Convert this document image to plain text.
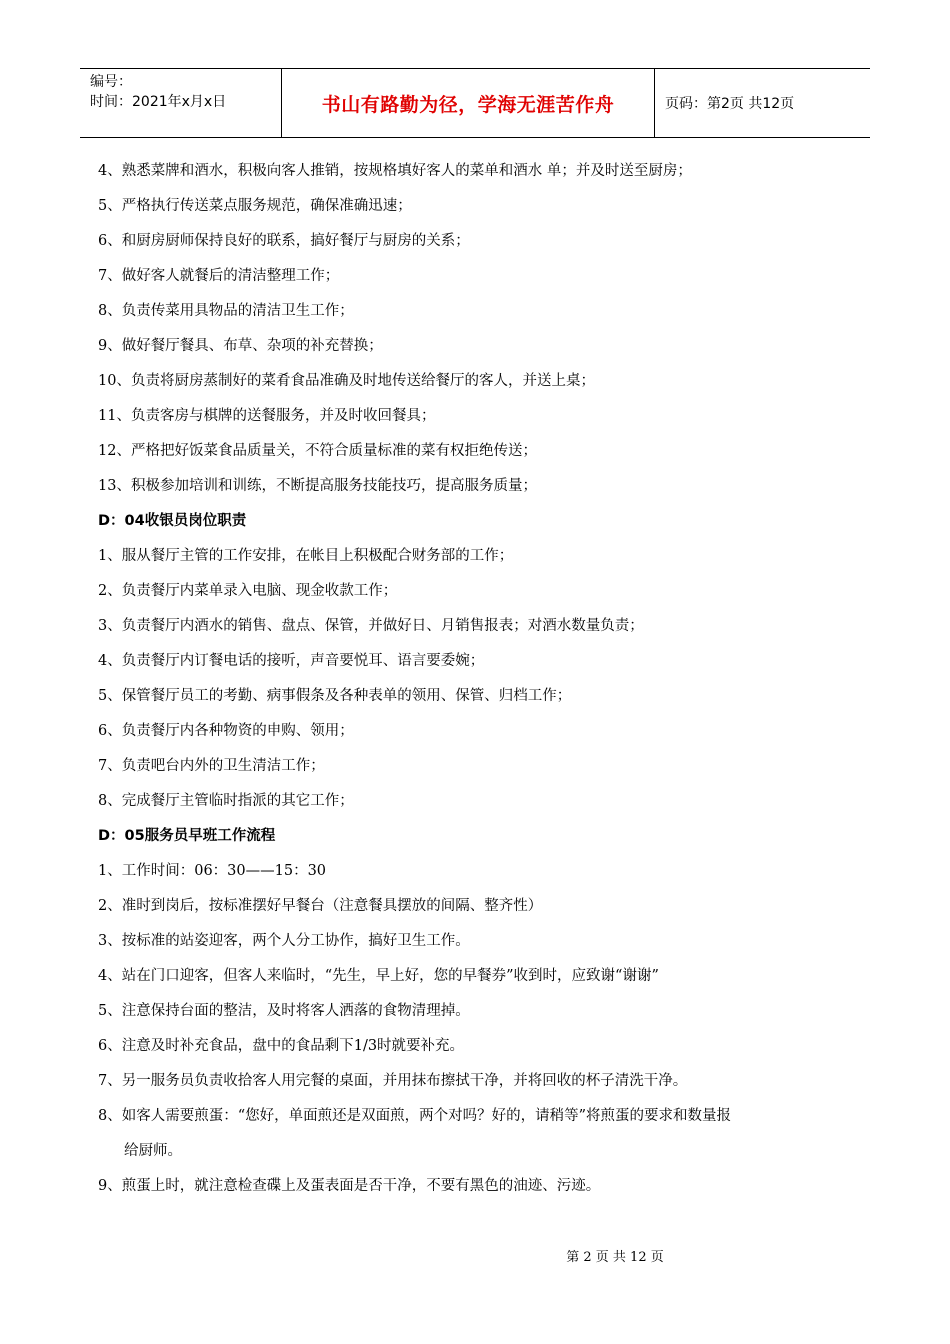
编号：
时间：2021年x月x日	书山有路勤为径，学海无涯苦作舟	页码：第2页 共12页
4、熟悉菜牌和酒水，积极向客人推销，按规格填好客人的菜单和酒水 单；并及时送至厨房；
5、严格执行传送菜点服务规范，确保准确迅速；
6、和厨房厨师保持良好的联系，搞好餐厅与厨房的关系；
7、做好客人就餐后的清洁整理工作；
8、负责传菜用具物品的清洁卫生工作；
9、做好餐厅餐具、布草、杂项的补充替换；
10、负责将厨房蒸制好的菜肴食品准确及时地传送给餐厅的客人，并送上桌；
11、负责客房与棋牌的送餐服务，并及时收回餐具；
12、严格把好饭菜食品质量关，不符合质量标准的菜有权拒绝传送；
13、积极参加培训和训练，不断提高服务技能技巧，提高服务质量；
D：04收银员岗位职责
1、服从餐厅主管的工作安排，在帐目上积极配合财务部的工作；
2、负责餐厅内菜单录入电脑、现金收款工作；
3、负责餐厅内酒水的销售、盘点、保管，并做好日、月销售报表；对酒水数量负责；
4、负责餐厅内订餐电话的接听，声音要悦耳、语言要委婉；
5、保管餐厅员工的考勤、病事假条及各种表单的领用、保管、归档工作；
6、负责餐厅内各种物资的申购、领用；
7、负责吧台内外的卫生清洁工作；
8、完成餐厅主管临时指派的其它工作；
D：05服务员早班工作流程
1、工作时间：06：30——15：30
2、准时到岗后，按标准摆好早餐台（注意餐具摆放的间隔、整齐性）
3、按标准的站姿迎客，两个人分工协作，搞好卫生工作。
4、站在门口迎客，但客人来临时，“先生，早上好，您的早餐券”收到时，应致谢“谢谢”
5、注意保持台面的整洁，及时将客人洒落的食物清理掉。
6、注意及时补充食品，盘中的食品剩下1/3时就要补充。
7、另一服务员负责收拾客人用完餐的桌面，并用抹布擦拭干净，并将回收的杯子清洗干净。
8、如客人需要煎蛋：“您好，单面煎还是双面煎，两个对吗？好的，请稍等”将煎蛋的要求和数量报
给厨师。
9、煎蛋上时，就注意检查碟上及蛋表面是否干净，不要有黑色的油迹、污迹。
第 2 页 共 12 页
